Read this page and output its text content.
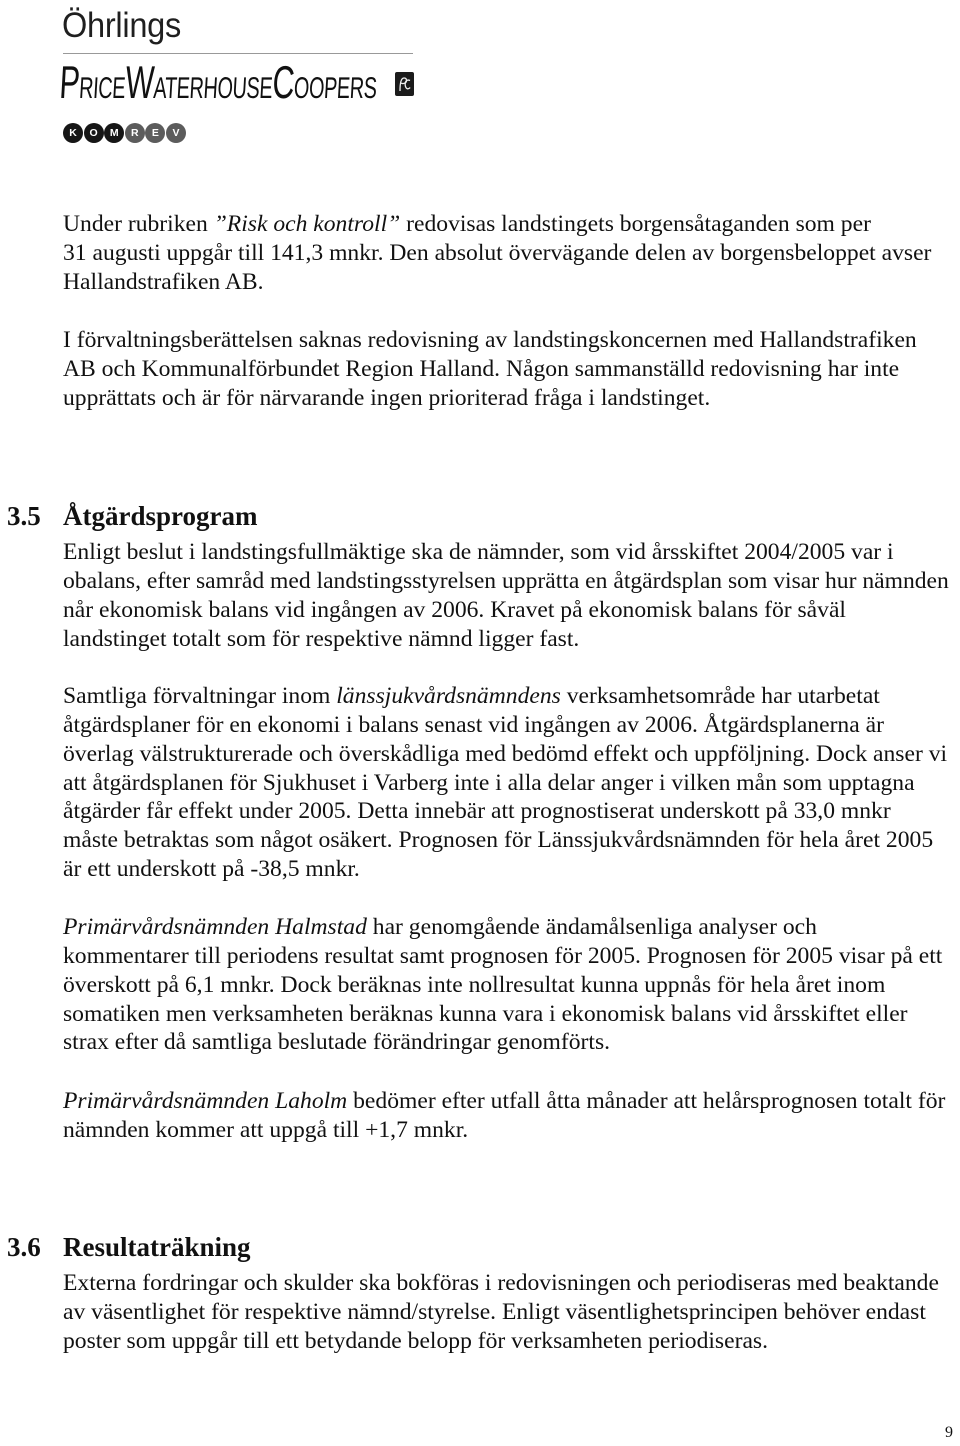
Öhrlings
PRICEWATERHOUSECOOPERS
K	O	M	R	E	V
Under rubriken ”Risk och kontroll” redovisas landstingets borgensåtaganden som per
31 augusti uppgår till 141,3 mnkr. Den absolut övervägande delen av borgensbeloppet avser
Hallandstrafiken AB.
I förvaltningsberättelsen saknas redovisning av landstingskoncernen med Hallandstrafiken
AB och Kommunalförbundet Region Halland. Någon sammanställd redovisning har inte
upprättats och är för närvarande ingen prioriterad fråga i landstinget.
3.5 Åtgärdsprogram
Enligt beslut i landstingsfullmäktige ska de nämnder, som vid årsskiftet 2004/2005 var i
obalans, efter samråd med landstingsstyrelsen upprätta en åtgärdsplan som visar hur nämnden
når ekonomisk balans vid ingången av 2006. Kravet på ekonomisk balans för såväl
landstinget totalt som för respektive nämnd ligger fast.
Samtliga förvaltningar inom länssjukvårdsnämndens verksamhetsområde har utarbetat
åtgärdsplaner för en ekonomi i balans senast vid ingången av 2006. Åtgärdsplanerna är
överlag välstrukturerade och överskådliga med bedömd effekt och uppföljning. Dock anser vi
att åtgärdsplanen för Sjukhuset i Varberg inte i alla delar anger i vilken mån som upptagna
åtgärder får effekt under 2005. Detta innebär att prognostiserat underskott på 33,0 mnkr
måste betraktas som något osäkert. Prognosen för Länssjukvårdsnämnden för hela året 2005
är ett underskott på -38,5 mnkr.
Primärvårdsnämnden Halmstad har genomgående ändamålsenliga analyser och
kommentarer till periodens resultat samt prognosen för 2005. Prognosen för 2005 visar på ett
överskott på 6,1 mnkr. Dock beräknas inte nollresultat kunna uppnås för hela året inom
somatiken men verksamheten beräknas kunna vara i ekonomisk balans vid årsskiftet eller
strax efter då samtliga beslutade förändringar genomförts.
Primärvårdsnämnden Laholm bedömer efter utfall åtta månader att helårsprognosen totalt för
nämnden kommer att uppgå till +1,7 mnkr.
3.6 Resultaträkning
Externa fordringar och skulder ska bokföras i redovisningen och periodiseras med beaktande
av väsentlighet för respektive nämnd/styrelse. Enligt väsentlighetsprincipen behöver endast
poster som uppgår till ett betydande belopp för verksamheten periodiseras.
9
